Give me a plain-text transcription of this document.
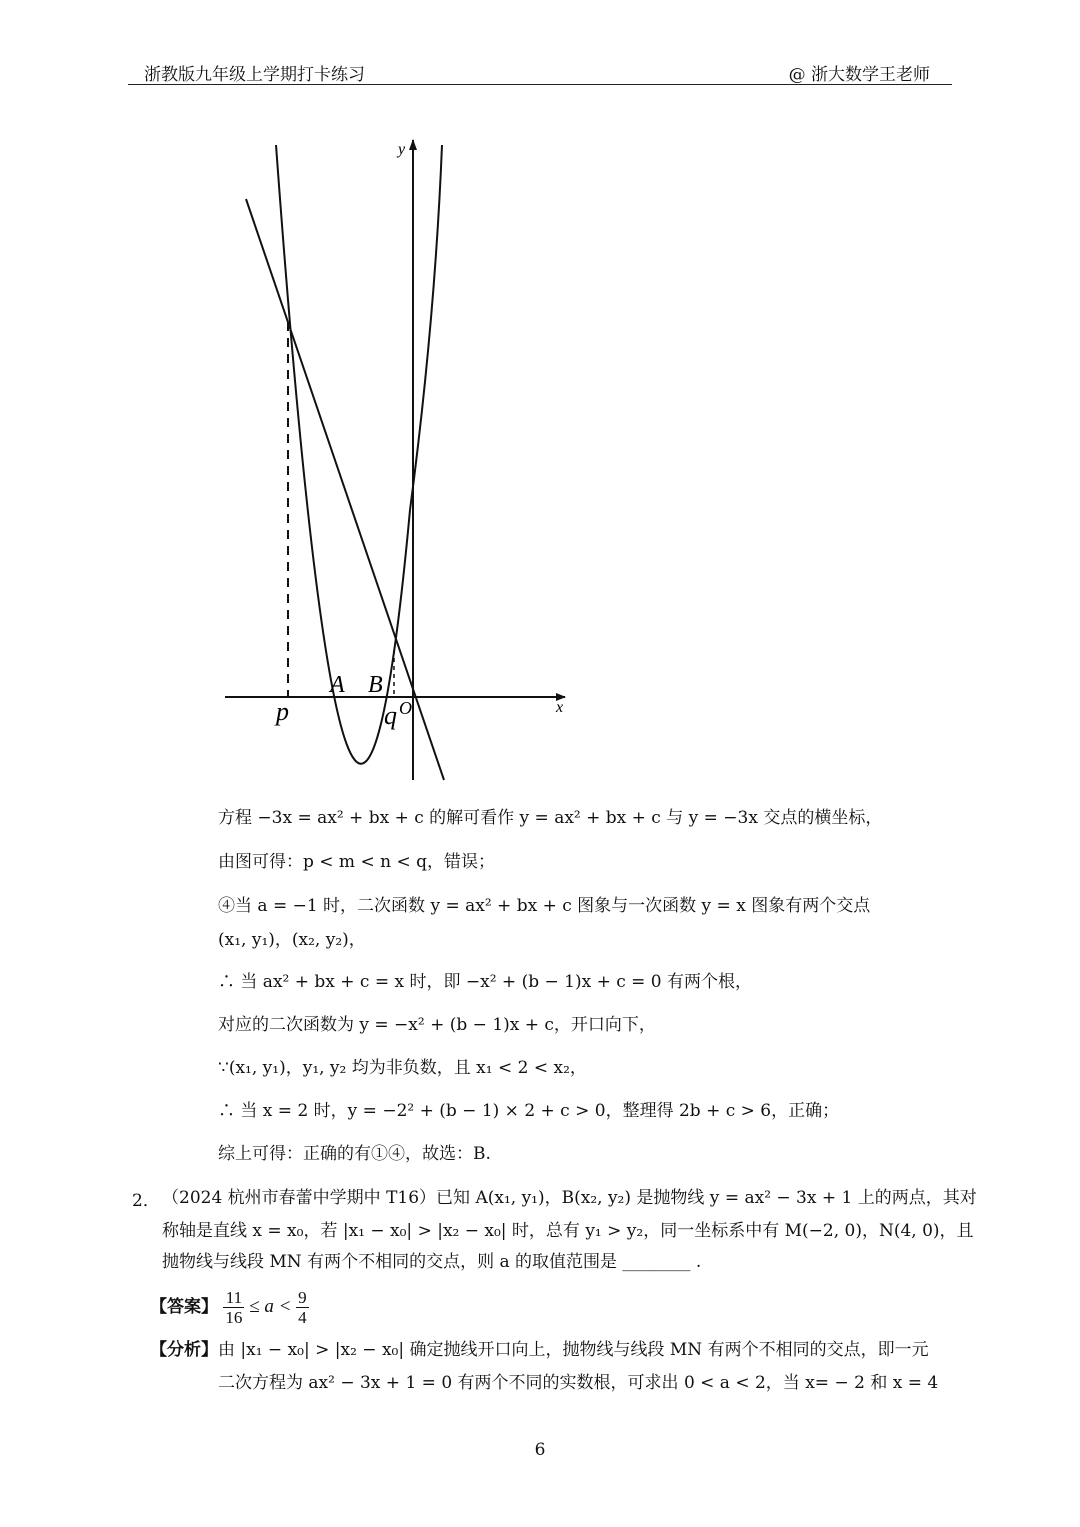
浙教版九年级上学期打卡练习	@ 浙大数学王老师
y
x
O
p	q
A B
方程 −3x = ax² + bx + c 的解可看作 y = ax² + bx + c 与 y = −3x 交点的横坐标，
由图可得：p < m < n < q，错误；
④当 a = −1 时，二次函数 y = ax² + bx + c 图象与一次函数 y = x 图象有两个交点
(x₁, y₁)，(x₂, y₂)，
∴ 当 ax² + bx + c = x 时，即 −x² + (b − 1)x + c = 0 有两个根，
对应的二次函数为 y = −x² + (b − 1)x + c，开口向下，
∵(x₁, y₁)，y₁, y₂ 均为非负数，且 x₁ < 2 < x₂，
∴ 当 x = 2 时，y = −2² + (b − 1) × 2 + c > 0，整理得 2b + c > 6，正确；
综上可得：正确的有①④，故选：B.
2． （2024 杭州市春蕾中学期中 T16）已知 A(x₁, y₁)，B(x₂, y₂) 是抛物线 y = ax² − 3x + 1 上的两点，其对
称轴是直线 x = x₀，若 |x₁ − x₀| > |x₂ − x₀| 时，总有 y₁ > y₂，同一坐标系中有 M(−2, 0)，N(4, 0)，且
抛物线与线段 MN 有两个不相同的交点，则 a 的取值范围是 ________ .
【答案】 $\frac{11}{16} \le a < \frac{9}{4}$
【分析】由 |x₁ − x₀| > |x₂ − x₀| 确定抛线开口向上，抛物线与线段 MN 有两个不相同的交点，即一元
二次方程为 ax² − 3x + 1 = 0 有两个不同的实数根，可求出 0 < a < 2，当 x= − 2 和 x = 4
6
